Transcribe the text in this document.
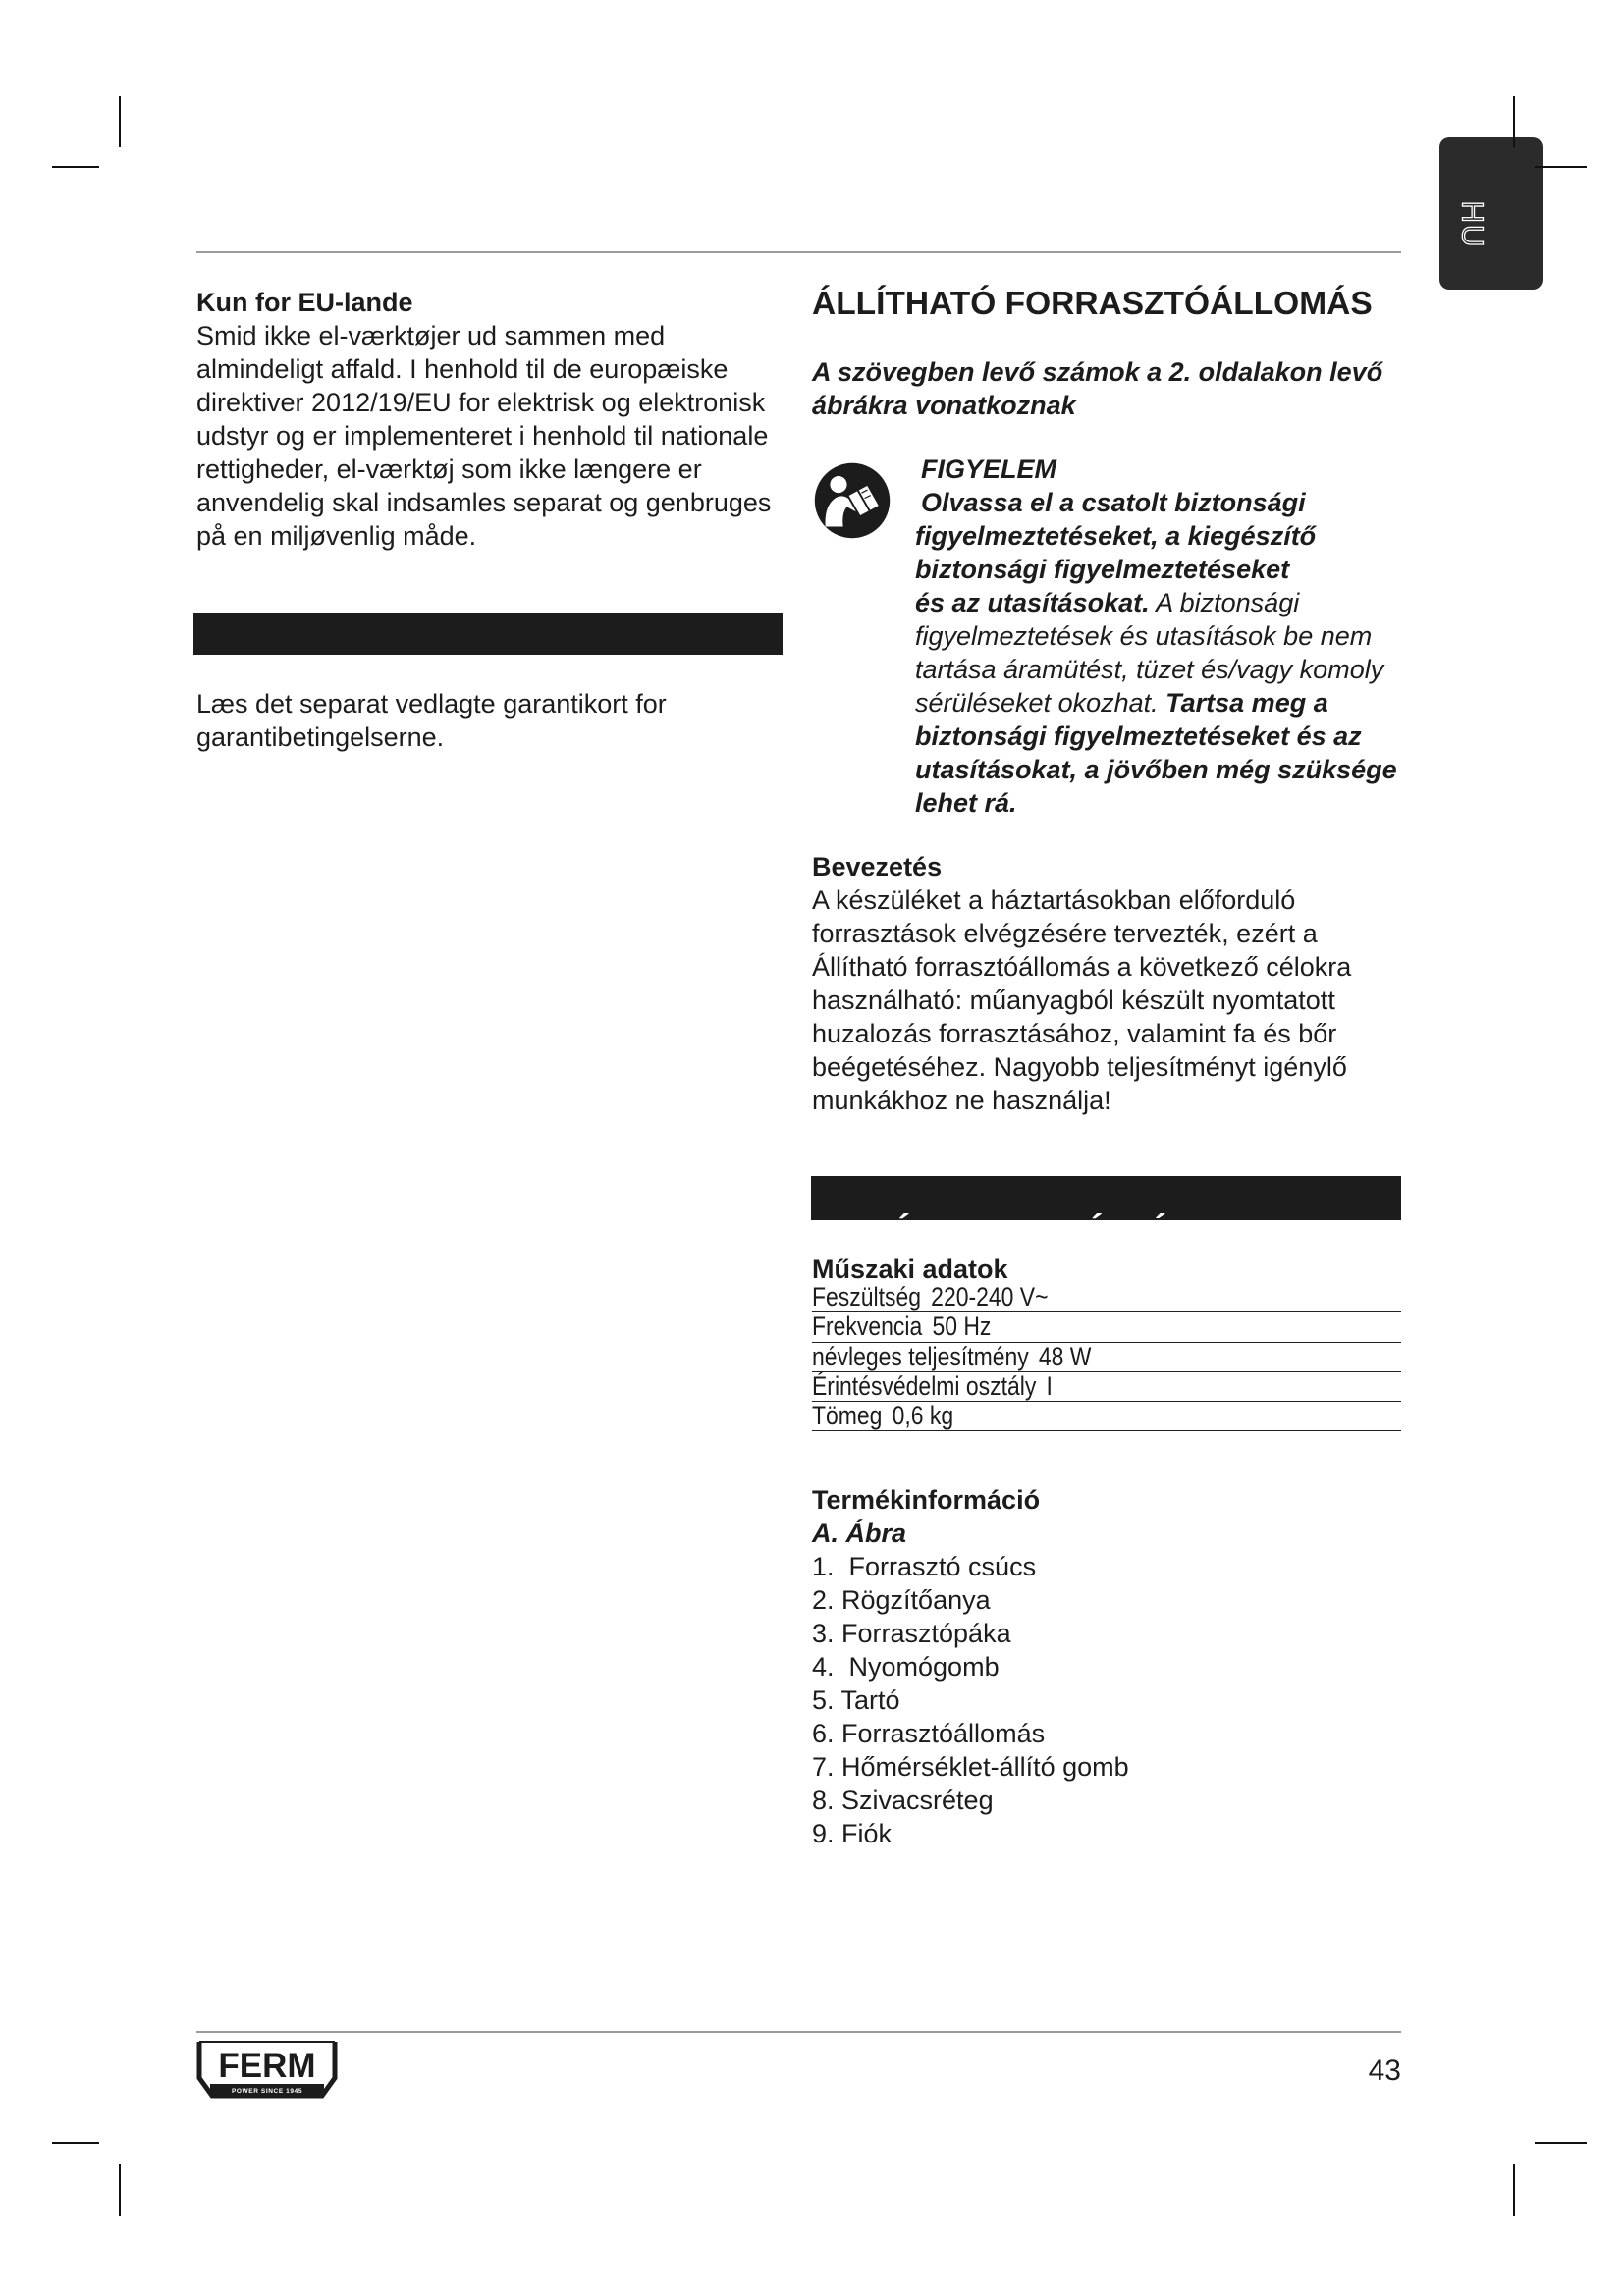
HU
Kun for EU-lande
Smid ikke el-værktøjer ud sammen med
almindeligt affald. I henhold til de europæiske
direktiver 2012/19/EU for elektrisk og elektronisk
udstyr og er implementeret i henhold til nationale
rettigheder, el-værktøj som ikke længere er
anvendelig skal indsamles separat og genbruges
på en miljøvenlig måde.

GARANTI

Læs det separat vedlagte garantikort for
garantibetingelserne.
ÁLLÍTHATÓ FORRASZTÓÁLLOMÁS
A szövegben levő számok a 2. oldalakon levő
ábrákra vonatkoznak
FIGYELEM
Olvassa el a csatolt biztonsági
figyelmeztetéseket, a kiegészítő
biztonsági figyelmeztetéseket
és az utasításokat. A biztonsági
figyelmeztetések és utasítások be nem
tartása áramütést, tüzet és/vagy komoly
sérüléseket okozhat. Tartsa meg a
biztonsági figyelmeztetéseket és az
utasításokat, a jövőben még szüksége
lehet rá.
Bevezetés
A készüléket a háztartásokban előforduló
forrasztások elvégzésére tervezték, ezért a
Állítható forrasztóállomás a következő célokra
használható: műanyagból készült nyomtatott
huzalozás forrasztásához, valamint fa és bőr
beégetéséhez. Nagyobb teljesítményt igénylő
munkákhoz ne használja!

1. GÉPINFORMÁCIÓ

Műszaki adatok
Feszültség 220-240 V~
Frekvencia 50 Hz
névleges teljesítmény 48 W
Érintésvédelmi osztály I
Tömeg 0,6 kg
Termékinformáció
A. Ábra
1.  Forrasztó csúcs
2. Rögzítőanya
3. Forrasztópáka
4.  Nyomógomb
5. Tartó
6. Forrasztóállomás
7. Hőmérséklet-állító gomb
8. Szivacsréteg
9. Fiók
FERM
POWER SINCE 1945
43
